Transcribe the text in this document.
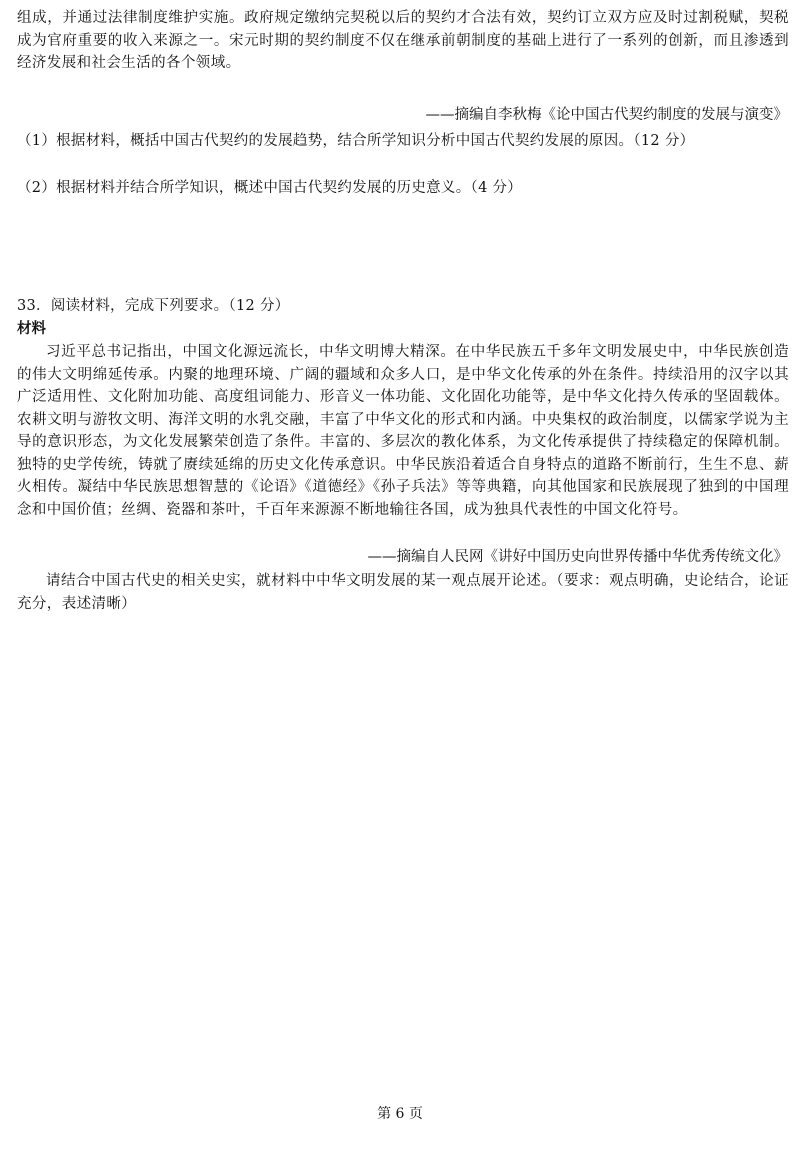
组成，并通过法律制度维护实施。政府规定缴纳完契税以后的契约才合法有效，契约订立双方应及时过割税赋，契税成为官府重要的收入来源之一。宋元时期的契约制度不仅在继承前朝制度的基础上进行了一系列的创新，而且渗透到经济发展和社会生活的各个领域。
——摘编自李秋梅《论中国古代契约制度的发展与演变》
（1）根据材料，概括中国古代契约的发展趋势，结合所学知识分析中国古代契约发展的原因。（12 分）
（2）根据材料并结合所学知识，概述中国古代契约发展的历史意义。（4 分）
33．阅读材料，完成下列要求。（12 分）
材料
习近平总书记指出，中国文化源远流长，中华文明博大精深。在中华民族五千多年文明发展史中，中华民族创造的伟大文明绵延传承。内聚的地理环境、广阔的疆域和众多人口，是中华文化传承的外在条件。持续沿用的汉字以其广泛适用性、文化附加功能、高度组词能力、形音义一体功能、文化固化功能等，是中华文化持久传承的坚固载体。农耕文明与游牧文明、海洋文明的水乳交融，丰富了中华文化的形式和内涵。中央集权的政治制度，以儒家学说为主导的意识形态，为文化发展繁荣创造了条件。丰富的、多层次的教化体系，为文化传承提供了持续稳定的保障机制。独特的史学传统，铸就了赓续延绵的历史文化传承意识。中华民族沿着适合自身特点的道路不断前行，生生不息、薪火相传。凝结中华民族思想智慧的《论语》《道德经》《孙子兵法》等等典籍，向其他国家和民族展现了独到的中国理念和中国价值；丝绸、瓷器和茶叶，千百年来源源不断地输往各国，成为独具代表性的中国文化符号。
——摘编自人民网《讲好中国历史向世界传播中华优秀传统文化》
请结合中国古代史的相关史实，就材料中中华文明发展的某一观点展开论述。（要求：观点明确，史论结合，论证充分，表述清晰）
第 6 页
